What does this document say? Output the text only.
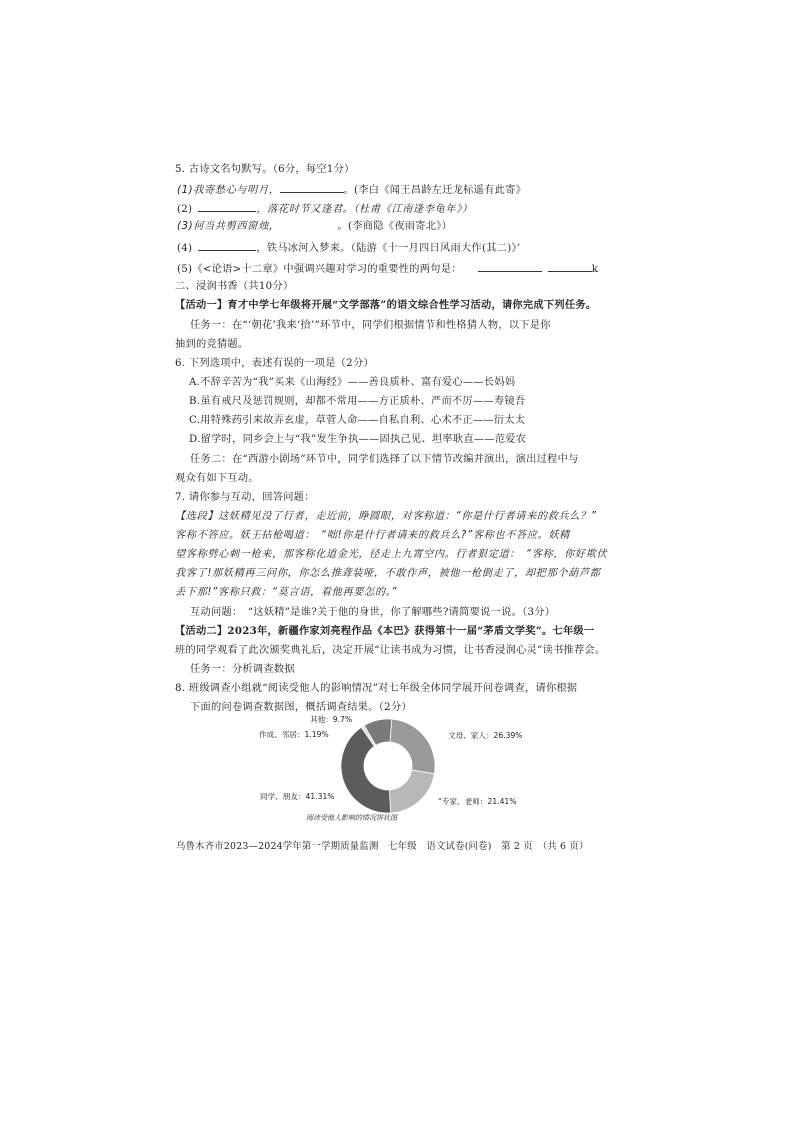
5. 古诗文名句默写。（6分，每空1分）
(1)我寄愁心与明月，	。(李白《闻王昌龄左迁龙标遥有此寄》
(2)	，落花时节又逢君。（杜甫《江南逢李龟年》）
(3)何当共剪西窗烛，	。(李商隐《夜雨寄北》）
(4)	，铁马冰河入梦来。（陆游《十一月四日风雨大作(其二)》’
(5)《<论语>十二章》中强调兴趣对学习的重要性的两句是：	k
二、浸润书香（共10分）
【活动一】育才中学七年级将开展“文学部落”的语文综合性学习活动，请你完成下列任务。
任务一：在“‘朝花’我来‘拾’”环节中，同学们根据情节和性格猜人物，以下是你
抽到的竞猜题。
6. 下列选项中，表述有误的一项是（2分）
A.不辞辛苦为“我”买来《山海经》——善良质朴、富有爱心——长妈妈
B.虽有戒尺及惩罚规则，却都不常用——方正质朴、严而不厉——寿镜吾
C.用特殊药引来故弄玄虚，草菅人命——自私自利、心术不正——衍太太
D.留学时，同乡会上与“我”发生争执——固执己见、坦率耿直——范爱农
任务二：在“西游小剧场”环节中，同学们选择了以下情节改编并演出，演出过程中与
观众有如下互动。
7. 请你参与互动，回答问题：
【选段】这妖精见没了行者，走近前，睁圆眼，对客称道：“你是什行者请来的救兵么？”
客称不答应。妖王拈枪喝道：　“咄!你是什行者请来的救兵么?”客称也不答应。妖精
望客称劈心刺一枪来，那客称化道金光，径走上九霄空内。行者狠定道：　“客称，你好欺伏
我客了!那妖精再三问你，你怎么推聋装哑，不敢作声，被他一枪倒走了，却把那个葫芦都
丢下那!”客称只救：“莫言语，看他再要怎的。”
互动问题：　“这妖精”是谁?关于他的身世，你了解哪些?请简要说一说。（3分）
【活动二】2023年，新疆作家刘亮程作品《本巴》获得第十一届“茅盾文学奖”。七年级一
班的同学观看了此次颁奖典礼后，决定开展“让读书成为习惯，让书香浸润心灵”读书推荐会。
任务一：分析调查数据
8. 班级调查小组就“阅读受他人的影响情况”对七年级全体同学展开问卷调查，请你根据
下面的问卷调查数据图，概括调查结果。（2分）
其他：9.7%
作成、邻居：1.19%	文母、家人：26.39%
同学、朋友：41.31%
“专家、老师：21.41%
阅读受他人影响的情况饼状图
乌鲁木齐市2023—2024学年第一学期质量监测　七年级　语文试卷(问卷)　第 2 页　（共 6 页）
